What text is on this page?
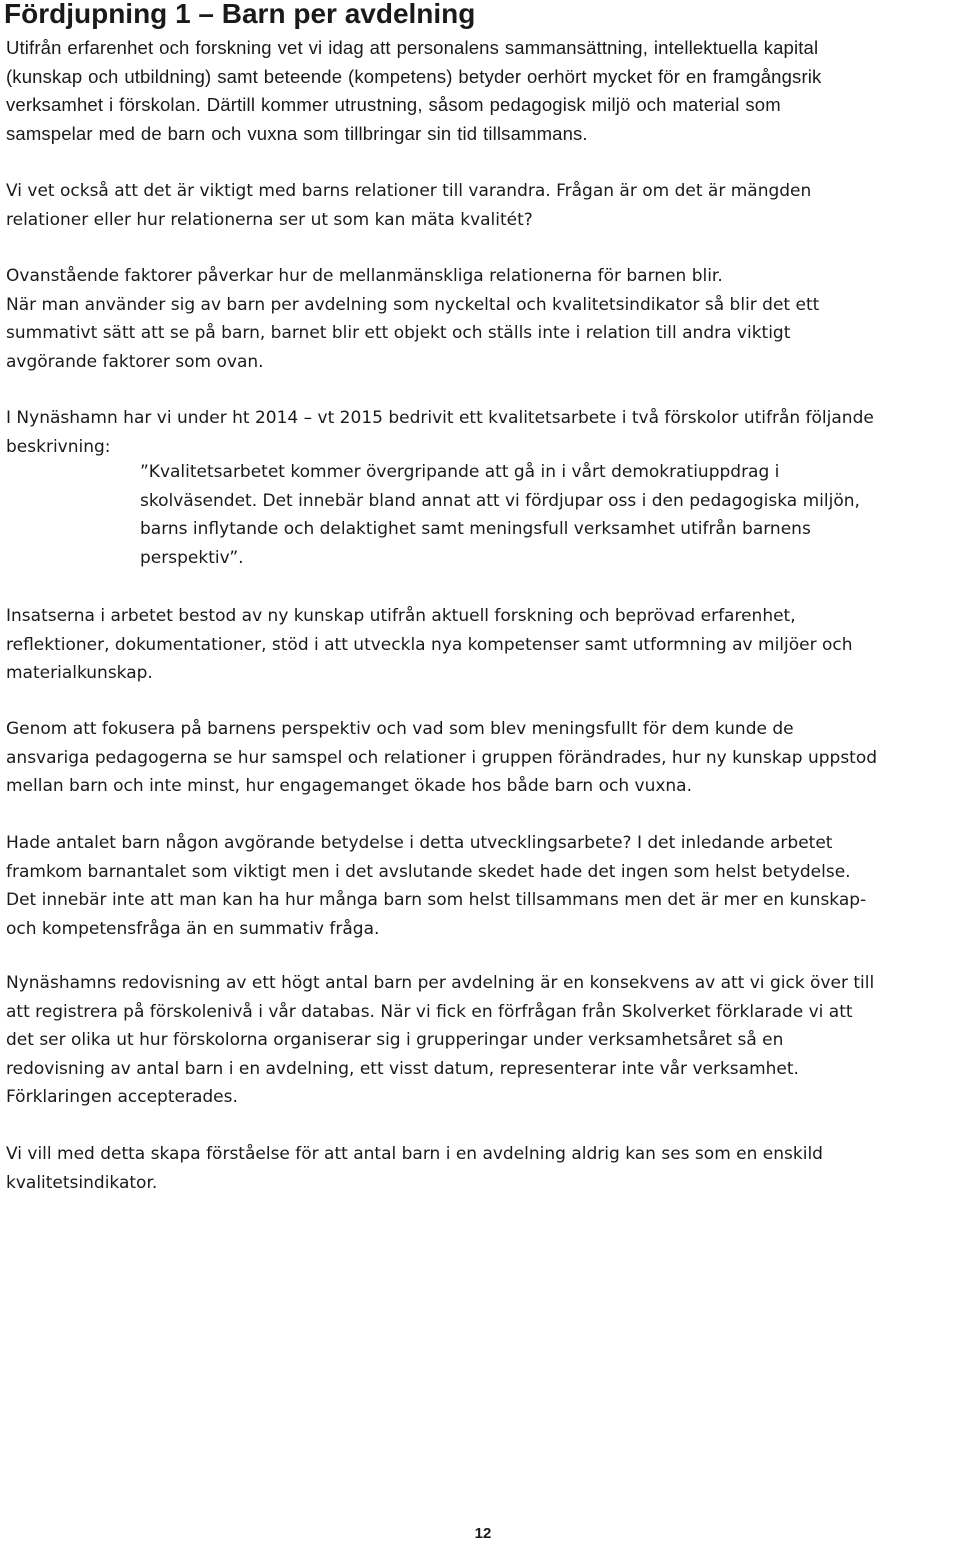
Fördjupning 1 – Barn per avdelning

Utifrån erfarenhet och forskning vet vi idag att personalens sammansättning, intellektuella kapital
(kunskap och utbildning) samt beteende (kompetens) betyder oerhört mycket för en framgångsrik
verksamhet i förskolan. Därtill kommer utrustning, såsom pedagogisk miljö och material som
samspelar med de barn och vuxna som tillbringar sin tid tillsammans.

Vi vet också att det är viktigt med barns relationer till varandra. Frågan är om det är mängden
relationer eller hur relationerna ser ut som kan mäta kvalitét?

Ovanstående faktorer påverkar hur de mellanmänskliga relationerna för barnen blir.
När man använder sig av barn per avdelning som nyckeltal och kvalitetsindikator så blir det ett
summativt sätt att se på barn, barnet blir ett objekt och ställs inte i relation till andra viktigt
avgörande faktorer som ovan.

I Nynäshamn har vi under ht 2014 – vt 2015 bedrivit ett kvalitetsarbete i två förskolor utifrån följande
beskrivning:

”Kvalitetsarbetet kommer övergripande att gå in i vårt demokratiuppdrag i
skolväsendet. Det innebär bland annat att vi fördjupar oss i den pedagogiska miljön,
barns inflytande och delaktighet samt meningsfull verksamhet utifrån barnens
perspektiv”.

Insatserna i arbetet bestod av ny kunskap utifrån aktuell forskning och beprövad erfarenhet,
reflektioner, dokumentationer, stöd i att utveckla nya kompetenser samt utformning av miljöer och
materialkunskap.

Genom att fokusera på barnens perspektiv och vad som blev meningsfullt för dem kunde de
ansvariga pedagogerna se hur samspel och relationer i gruppen förändrades, hur ny kunskap uppstod
mellan barn och inte minst, hur engagemanget ökade hos både barn och vuxna.

Hade antalet barn någon avgörande betydelse i detta utvecklingsarbete? I det inledande arbetet
framkom barnantalet som viktigt men i det avslutande skedet hade det ingen som helst betydelse.
Det innebär inte att man kan ha hur många barn som helst tillsammans men det är mer en kunskap-
och kompetensfråga än en summativ fråga.

Nynäshamns redovisning av ett högt antal barn per avdelning är en konsekvens av att vi gick över till
att registrera på förskolenivå i vår databas. När vi fick en förfrågan från Skolverket förklarade vi att
det ser olika ut hur förskolorna organiserar sig i grupperingar under verksamhetsåret så en
redovisning av antal barn i en avdelning, ett visst datum, representerar inte vår verksamhet.
Förklaringen accepterades.

Vi vill med detta skapa förståelse för att antal barn i en avdelning aldrig kan ses som en enskild
kvalitetsindikator.

12
